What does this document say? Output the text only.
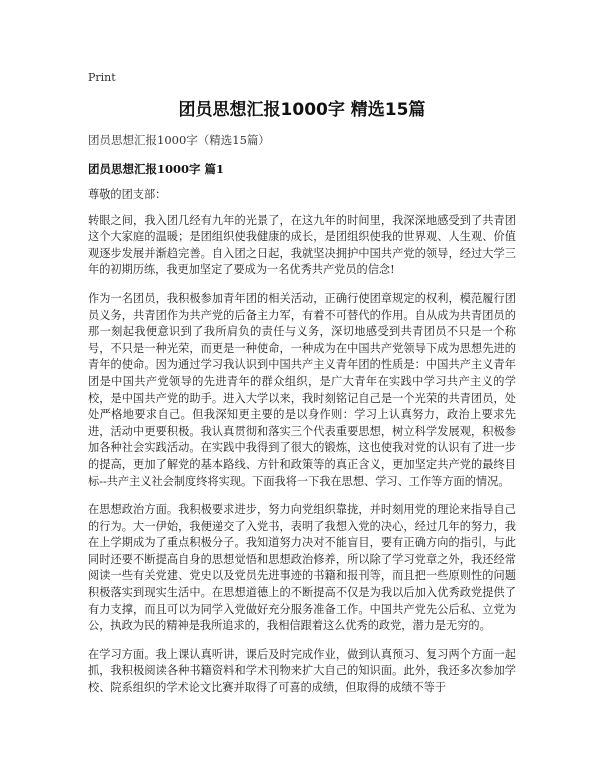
Print
团员思想汇报1000字 精选15篇
团员思想汇报1000字（精选15篇）
团员思想汇报1000字 篇1

尊敬的团支部：

转眼之间，我入团几经有九年的光景了，在这九年的时间里，我深深地感受到了共青团这个大家庭的温暖；是团组织使我健康的成长，是团组织使我的世界观、人生观、价值观逐步发展并渐趋完善。自入团之日起，我就坚决拥护中国共产党的领导，经过大学三年的初期历练，我更加坚定了要成为一名优秀共产党员的信念!

作为一名团员，我积极参加青年团的相关活动，正确行使团章规定的权利，模范履行团员义务，共青团作为共产党的后备主力军，有着不可替代的作用。自从成为共青团员的那一刻起我便意识到了我所肩负的责任与义务，深切地感受到共青团员不只是一个称号，不只是一种光荣，而更是一种使命，一种成为在中国共产党领导下成为思想先进的青年的使命。因为通过学习我认识到中国共产主义青年团的性质是：中国共产主义青年团是中国共产党领导的先进青年的群众组织，是广大青年在实践中学习共产主义的学校，是中国共产党的助手。进入大学以来，我时刻铭记自己是一个光荣的共青团员，处处严格地要求自己。但我深知更主要的是以身作则：学习上认真努力，政治上要求先进，活动中更要积极。我认真贯彻和落实三个代表重要思想，树立科学发展观，积极参加各种社会实践活动。在实践中我得到了很大的锻炼，这也使我对党的认识有了进一步的提高，更加了解党的基本路线、方针和政策等的真正含义，更加坚定共产党的最终目标--共产主义社会制度终将实现。下面我将一下我在思想、学习、工作等方面的情况。

在思想政治方面。我积极要求进步，努力向党组织靠拢，并时刻用党的理论来指导自己的行为。大一伊始，我便递交了入党书，表明了我想入党的决心，经过几年的努力，我在上学期成为了重点积极分子。我知道努力决对不能盲目，要有正确方向的指引，与此同时还要不断提高自身的思想觉悟和思想政治修养，所以除了学习党章之外，我还经常阅读一些有关党建、党史以及党员先进事迹的书籍和报刊等，而且把一些原则性的问题积极落实到现实生活中。在思想道德上的不断提高不仅是为我以后加入优秀政党提供了有力支撑，而且可以为同学入党做好充分服务准备工作。中国共产党先公后私、立党为公，执政为民的精神是我所追求的，我相信跟着这么优秀的政党，潜力是无穷的。

在学习方面。我上课认真听讲，课后及时完成作业，做到认真预习、复习两个方面一起抓，我积极阅读各种书籍资料和学术刊物来扩大自己的知识面。此外，我还多次参加学校、院系组织的学术论文比赛并取得了可喜的成绩，但取得的成绩不等于
